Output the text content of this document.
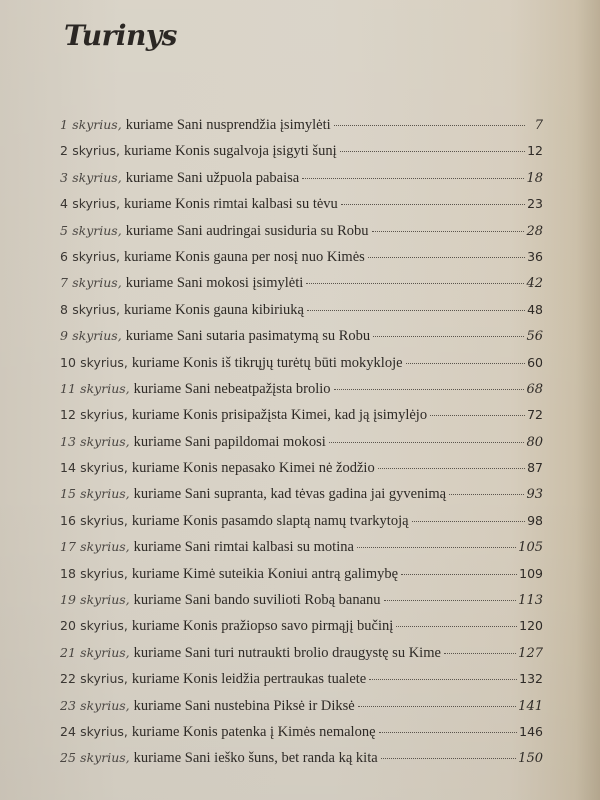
Turinys
1 skyrius, kuriame Sani nusprendžia įsimylėti	7
2 skyrius, kuriame Konis sugalvoja įsigyti šunį	12
3 skyrius, kuriame Sani užpuola pabaisa	18
4 skyrius, kuriame Konis rimtai kalbasi su tėvu	23
5 skyrius, kuriame Sani audringai susiduria su Robu	28
6 skyrius, kuriame Konis gauna per nosį nuo Kimės	36
7 skyrius, kuriame Sani mokosi įsimylėti	42
8 skyrius, kuriame Konis gauna kibiriuką	48
9 skyrius, kuriame Sani sutaria pasimatymą su Robu	56
10 skyrius, kuriame Konis iš tikrųjų turėtų būti mokykloje	60
11 skyrius, kuriame Sani nebeatpažįsta brolio	68
12 skyrius, kuriame Konis prisipažįsta Kimei, kad ją įsimylėjo	72
13 skyrius, kuriame Sani papildomai mokosi	80
14 skyrius, kuriame Konis nepasako Kimei nė žodžio	87
15 skyrius, kuriame Sani supranta, kad tėvas gadina jai gyvenimą	93
16 skyrius, kuriame Konis pasamdo slaptą namų tvarkytoją	98
17 skyrius, kuriame Sani rimtai kalbasi su motina	105
18 skyrius, kuriame Kimė suteikia Koniui antrą galimybę	109
19 skyrius, kuriame Sani bando suvilioti Robą bananu	113
20 skyrius, kuriame Konis pražiopso savo pirmąjį bučinį	120
21 skyrius, kuriame Sani turi nutraukti brolio draugystę su Kime	127
22 skyrius, kuriame Konis leidžia pertraukas tualete	132
23 skyrius, kuriame Sani nustebina Piksė ir Diksė	141
24 skyrius, kuriame Konis patenka į Kimės nemalonę	146
25 skyrius, kuriame Sani ieško šuns, bet randa ką kita	150
